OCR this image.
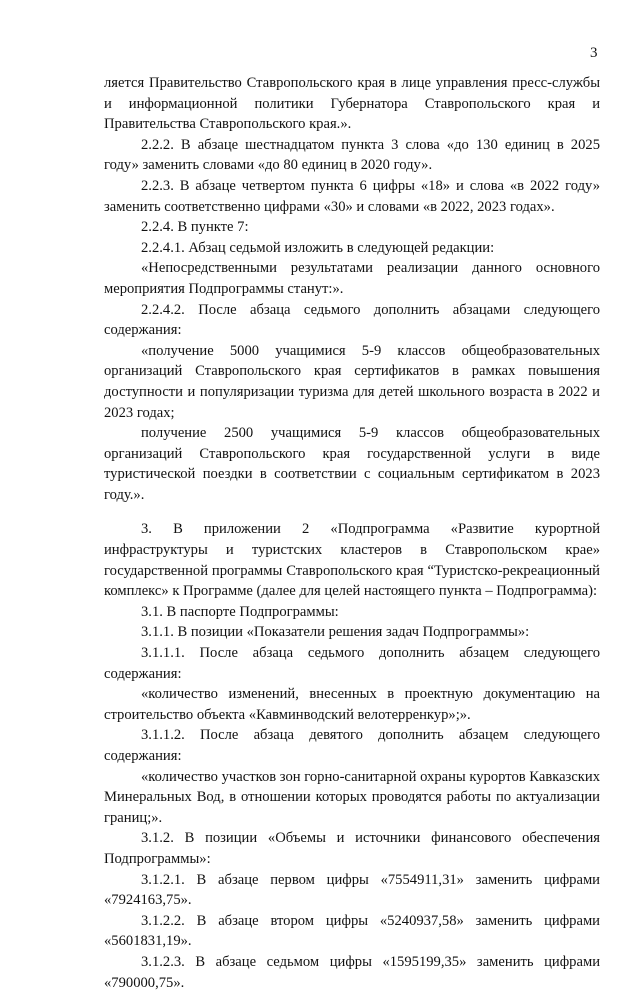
3

ляется Правительство Ставропольского края в лице управления пресс-службы и информационной политики Губернатора Ставропольского края и Правительства Ставропольского края.».

2.2.2. В абзаце шестнадцатом пункта 3 слова «до 130 единиц в 2025 году» заменить словами «до 80 единиц в 2020 году».

2.2.3. В абзаце четвертом пункта 6 цифры «18» и слова «в 2022 году» заменить соответственно цифрами «30» и словами «в 2022, 2023 годах».

2.2.4. В пункте 7:

2.2.4.1. Абзац седьмой изложить в следующей редакции:

«Непосредственными результатами реализации данного основного мероприятия Подпрограммы станут:».

2.2.4.2. После абзаца седьмого дополнить абзацами следующего содержания:

«получение 5000 учащимися 5-9 классов общеобразовательных организаций Ставропольского края сертификатов в рамках повышения доступности и популяризации туризма для детей школьного возраста в 2022 и 2023 годах;

получение 2500 учащимися 5-9 классов общеобразовательных организаций Ставропольского края государственной услуги в виде туристической поездки в соответствии с социальным сертификатом в 2023 году.».

3. В приложении 2 «Подпрограмма «Развитие курортной инфраструктуры и туристских кластеров в Ставропольском крае» государственной программы Ставропольского края “Туристско-рекреационный комплекс» к Программе (далее для целей настоящего пункта – Подпрограмма):

3.1. В паспорте Подпрограммы:

3.1.1. В позиции «Показатели решения задач Подпрограммы»:

3.1.1.1. После абзаца седьмого дополнить абзацем следующего содержания:

«количество изменений, внесенных в проектную документацию на строительство объекта «Кавминводский велотерренкур»;».

3.1.1.2. После абзаца девятого дополнить абзацем следующего содержания:

«количество участков зон горно-санитарной охраны курортов Кавказских Минеральных Вод, в отношении которых проводятся работы по актуализации границ;».

3.1.2. В позиции «Объемы и источники финансового обеспечения Подпрограммы»:

3.1.2.1. В абзаце первом цифры «7554911,31» заменить цифрами «7924163,75».

3.1.2.2. В абзаце втором цифры «5240937,58» заменить цифрами «5601831,19».

3.1.2.3. В абзаце седьмом цифры «1595199,35» заменить цифрами «790000,75».
